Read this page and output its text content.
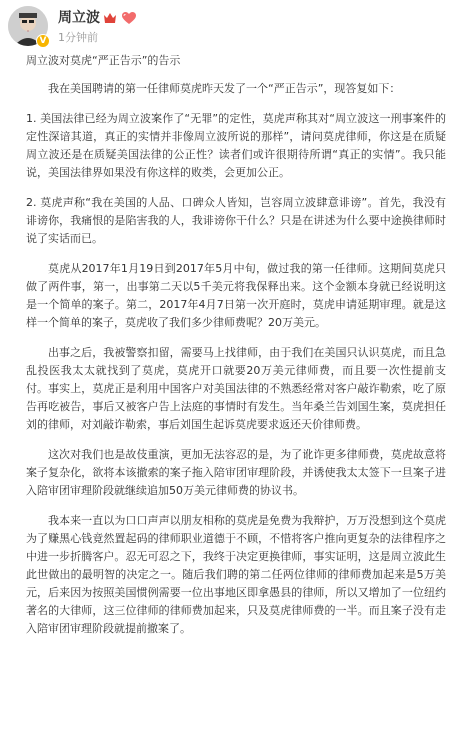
V
周立波
1分钟前

周立波对莫虎“严正告示”的告示

我在美国聘请的第一任律师莫虎昨天发了一个“严正告示”，现答复如下：

1. 美国法律已经为周立波案作了“无罪”的定性，莫虎声称其对“周立波这一刑事案件的定性深谙其道，真正的实情并非像周立波所说的那样”，请问莫虎律师，你这是在质疑周立波还是在质疑美国法律的公正性？读者们或许很期待所谓“真正的实情”。我只能说，美国法律界如果没有你这样的败类，会更加公正。

2. 莫虎声称“我在美国的人品、口碑众人皆知，岂容周立波肆意诽谤”。首先，我没有诽谤你，我痛恨的是陷害我的人，我诽谤你干什么？只是在讲述为什么要中途换律师时说了实话而已。

莫虎从2017年1月19日到2017年5月中旬，做过我的第一任律师。这期间莫虎只做了两件事，第一，出事第二天以5千美元将我保释出来。这个金额本身就已经说明这是一个简单的案子。第二，2017年4月7日第一次开庭时，莫虎申请延期审理。就是这样一个简单的案子，莫虎收了我们多少律师费呢？20万美元。

出事之后，我被警察扣留，需要马上找律师，由于我们在美国只认识莫虎，而且急乱投医我太太就找到了莫虎，莫虎开口就要20万美元律师费，而且要一次性提前支付。事实上，莫虎正是利用中国客户对美国法律的不熟悉经常对客户敲诈勒索，吃了原告再吃被告，事后又被客户告上法庭的事情时有发生。当年桑兰告刘国生案，莫虎担任刘的律师，对刘敲诈勒索，事后刘国生起诉莫虎要求返还天价律师费。

这次对我们也是故伎重演，更加无法容忍的是，为了讹诈更多律师费，莫虎故意将案子复杂化，欲将本该撤索的案子拖入陪审团审理阶段，并诱使我太太签下一旦案子进入陪审团审理阶段就继续追加50万美元律师费的协议书。

我本来一直以为口口声声以朋友相称的莫虎是免费为我辩护，万万没想到这个莫虎为了赚黑心钱竟然置起码的律师职业道德于不顾，不惜将客户推向更复杂的法律程序之中进一步折腾客户。忍无可忍之下，我终于决定更换律师，事实证明，这是周立波此生此世做出的最明智的决定之一。随后我们聘的第二任两位律师的律师费加起来是5万美元，后来因为按照美国惯例需要一位出事地区即拿愚县的律师，所以又增加了一位纽约著名的大律师，这三位律师的律师费加起来，只及莫虎律师费的一半。而且案子没有走入陪审团审理阶段就提前撤案了。
